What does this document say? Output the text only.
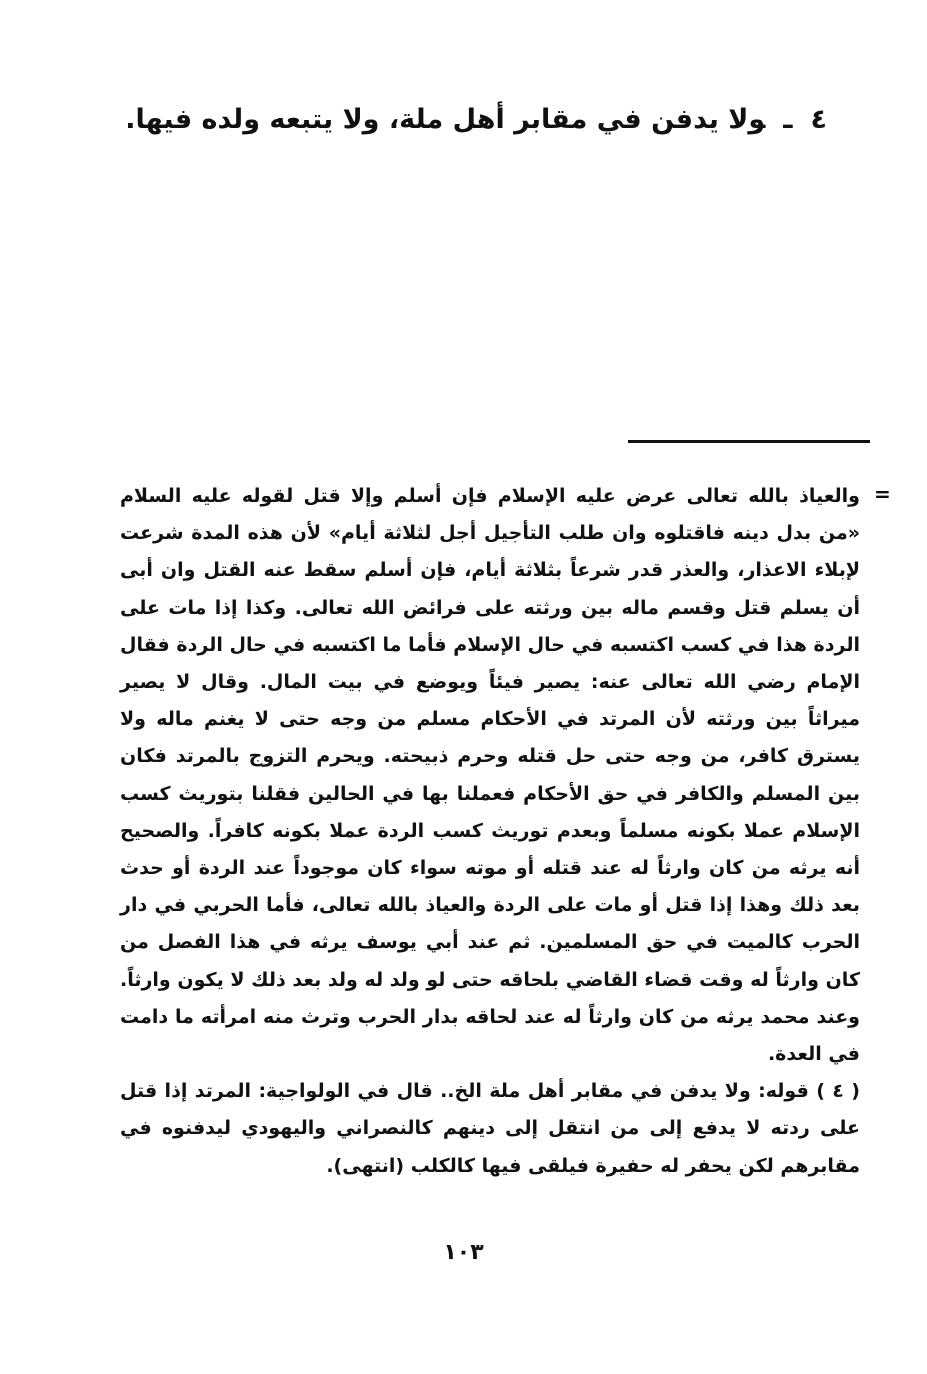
٤ـولا يدفن في مقابر أهل ملة، ولا يتبعه ولده فيها.
=

والعياذ بالله تعالى عرض عليه الإسلام فإن أسلم وإلا قتل لقوله عليه السلام «من بدل دينه فاقتلوه وان طلب التأجيل أجل لثلاثة أيام» لأن هذه المدة شرعت لإبلاء الاعذار، والعذر قدر شرعاً بثلاثة أيام، فإن أسلم سقط عنه القتل وان أبى أن يسلم قتل وقسم ماله بين ورثته على فرائض الله تعالى. وكذا إذا مات على الردة هذا في كسب اكتسبه في حال الإسلام فأما ما اكتسبه في حال الردة فقال الإمام رضي الله تعالى عنه: يصير فيئاً ويوضع في بيت المال. وقال لا يصير ميراثاً بين ورثته لأن المرتد في الأحكام مسلم من وجه حتى لا يغنم ماله ولا يسترق كافر، من وجه حتى حل قتله وحرم ذبيحته. ويحرم التزوج بالمرتد فكان بين المسلم والكافر في حق الأحكام فعملنا بها في الحالين فقلنا بتوريث كسب الإسلام عملا بكونه مسلماً وبعدم توريث كسب الردة عملا بكونه كافراً. والصحيح أنه يرثه من كان وارثاً له عند قتله أو موته سواء كان موجوداً عند الردة أو حدث بعد ذلك وهذا إذا قتل أو مات على الردة والعياذ بالله تعالى، فأما الحربي في دار الحرب كالميت في حق المسلمين. ثم عند أبي يوسف يرثه في هذا الفصل من كان وارثاً له وقت قضاء القاضي بلحاقه حتى لو ولد له ولد بعد ذلك لا يكون وارثاً. وعند محمد يرثه من كان وارثاً له عند لحاقه بدار الحرب وترث منه امرأته ما دامت في العدة.

( ٤ ) قوله: ولا يدفن في مقابر أهل ملة الخ.. قال في الولواجية: المرتد إذا قتل على ردته لا يدفع إلى من انتقل إلى دينهم كالنصراني واليهودي ليدفنوه في مقابرهم لكن يحفر له حفيرة فيلقى فيها كالكلب (انتهى).

١٠٣
